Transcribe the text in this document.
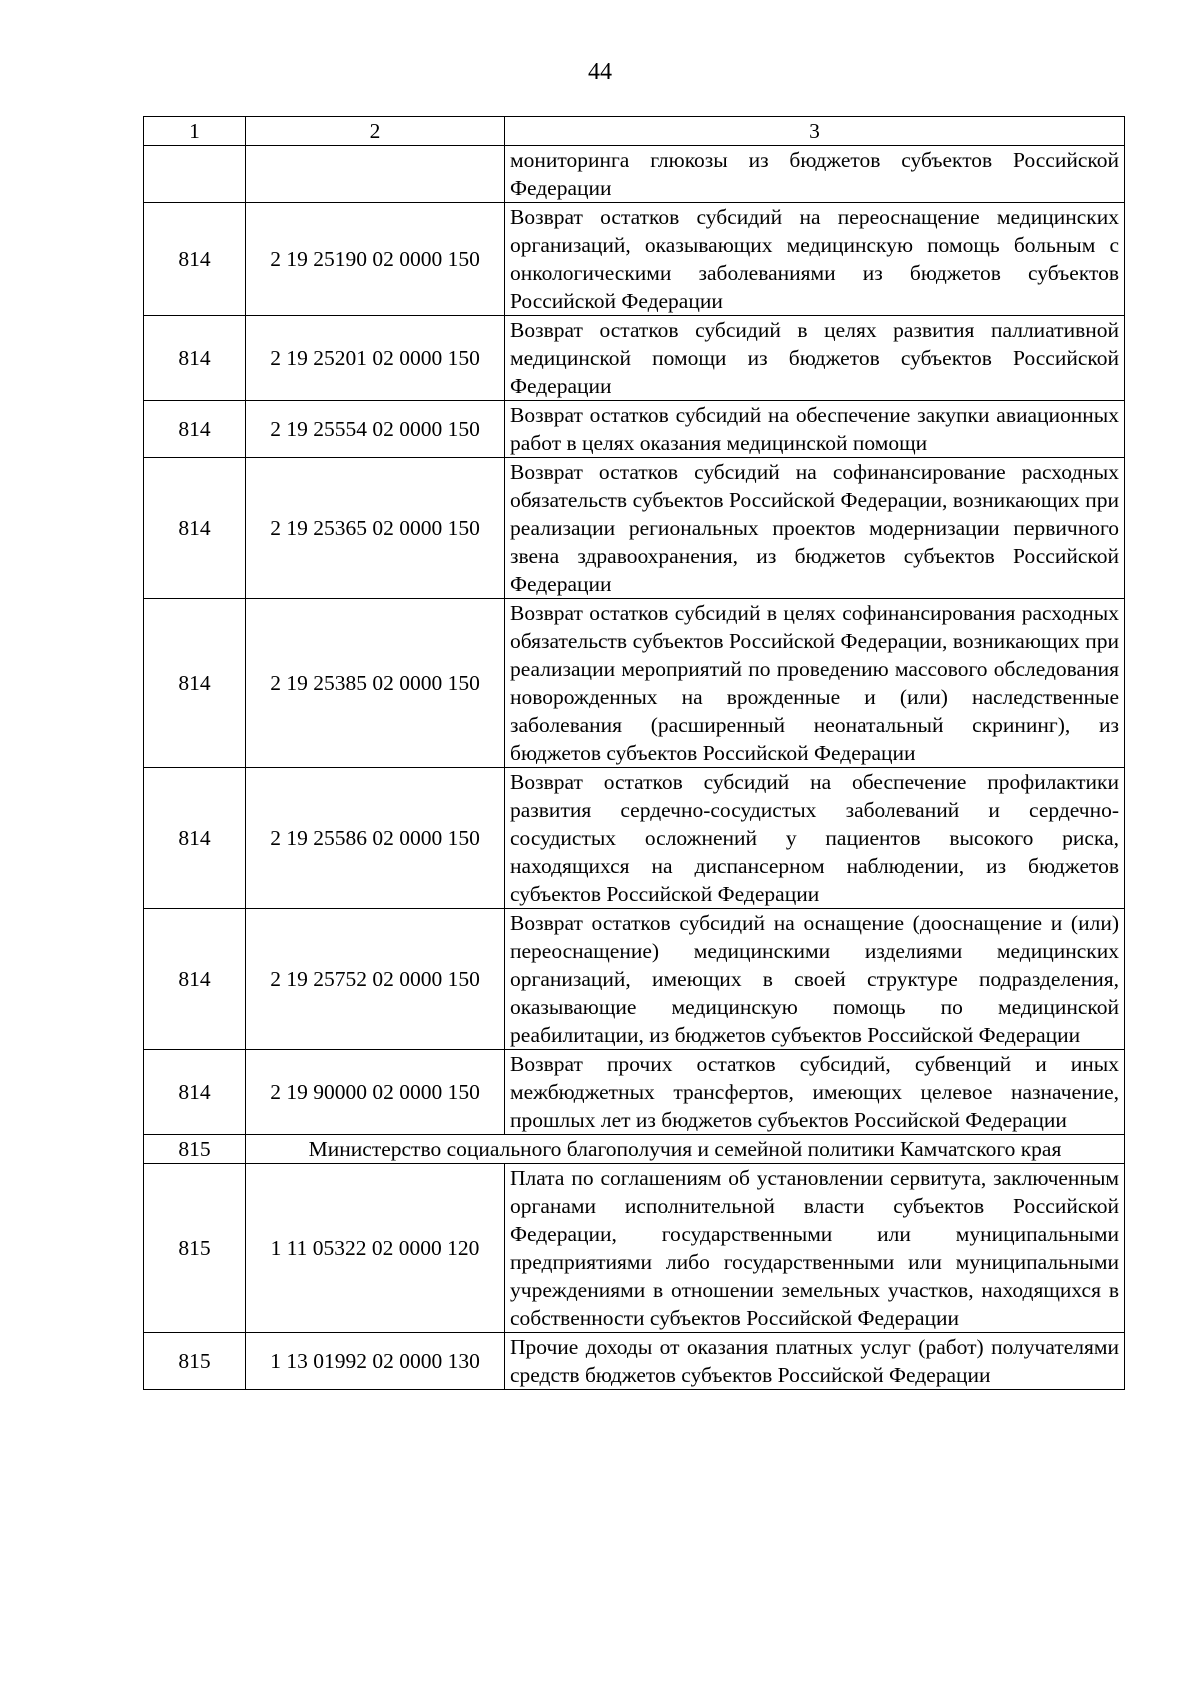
44
1	2	3
		мониторинга глюкозы из бюджетов субъектов Российской Федерации
814	2 19 25190 02 0000 150	Возврат остатков субсидий на переоснащение медицинских организаций, оказывающих медицинскую помощь больным с онкологическими заболеваниями из бюджетов субъектов Российской Федерации
814	2 19 25201 02 0000 150	Возврат остатков субсидий в целях развития паллиативной медицинской помощи из бюджетов субъектов Российской Федерации
814	2 19 25554 02 0000 150	Возврат остатков субсидий на обеспечение закупки авиационных работ в целях оказания медицинской помощи
814	2 19 25365 02 0000 150	Возврат остатков субсидий на софинансирование расходных обязательств субъектов Российской Федерации, возникающих при реализации региональных проектов модернизации первичного звена здравоохранения, из бюджетов субъектов Российской Федерации
814	2 19 25385 02 0000 150	Возврат остатков субсидий в целях софинансирования расходных обязательств субъектов Российской Федерации, возникающих при реализации мероприятий по проведению массового обследования новорожденных на врожденные и (или) наследственные заболевания (расширенный неонатальный скрининг), из бюджетов субъектов Российской Федерации
814	2 19 25586 02 0000 150	Возврат остатков субсидий на обеспечение профилактики развития сердечно-сосудистых заболеваний и сердечно-сосудистых осложнений у пациентов высокого риска, находящихся на диспансерном наблюдении, из бюджетов субъектов Российской Федерации
814	2 19 25752 02 0000 150	Возврат остатков субсидий на оснащение (дооснащение и (или) переоснащение) медицинскими изделиями медицинских организаций, имеющих в своей структуре подразделения, оказывающие медицинскую помощь по медицинской реабилитации, из бюджетов субъектов Российской Федерации
814	2 19 90000 02 0000 150	Возврат прочих остатков субсидий, субвенций и иных межбюджетных трансфертов, имеющих целевое назначение, прошлых лет из бюджетов субъектов Российской Федерации
815	Министерство социального благополучия и семейной политики Камчатского края	
815	1 11 05322 02 0000 120	Плата по соглашениям об установлении сервитута, заключенным органами исполнительной власти субъектов Российской Федерации, государственными или муниципальными предприятиями либо государственными или муниципальными учреждениями в отношении земельных участков, находящихся в собственности субъектов Российской Федерации
815	1 13 01992 02 0000 130	Прочие доходы от оказания платных услуг (работ) получателями средств бюджетов субъектов Российской Федерации
